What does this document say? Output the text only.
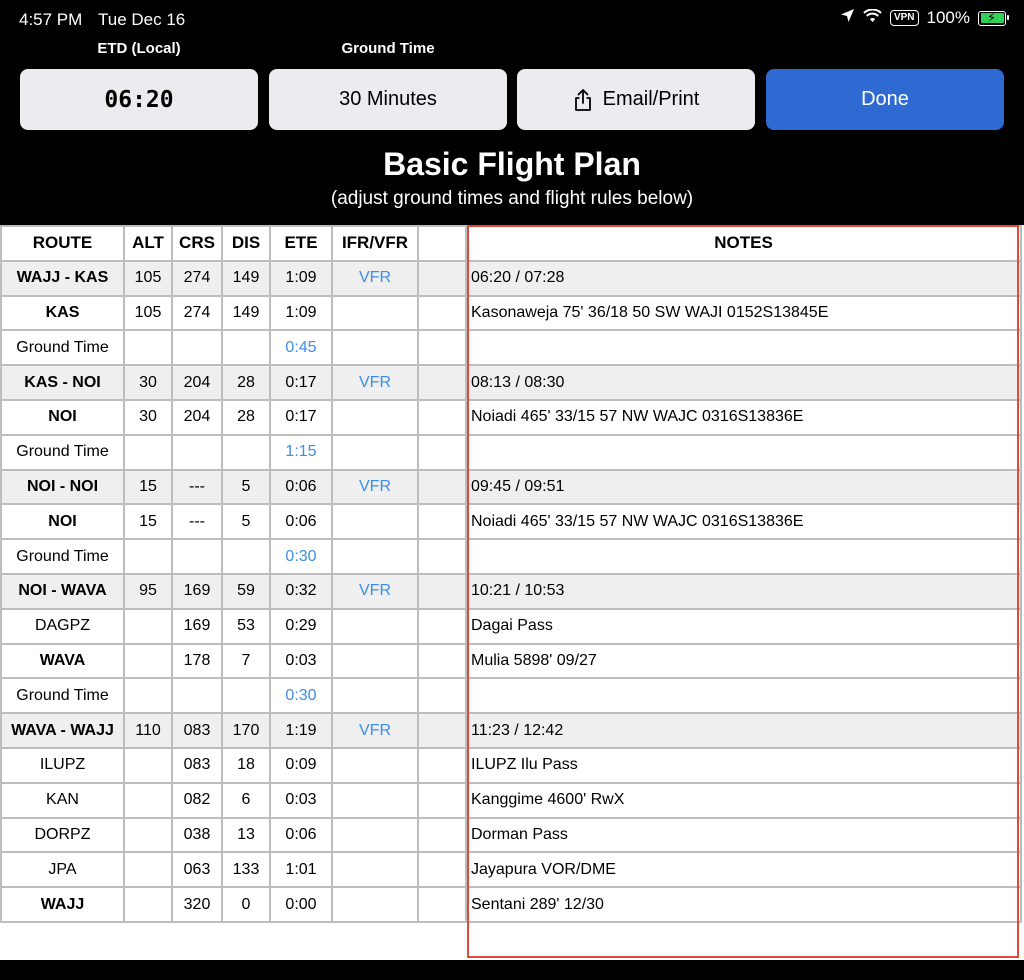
4:57 PM Tue Dec 16	VPN 100% ⚡
ETD (Local)	Ground Time
06:20	30 Minutes	Email/Print	Done
Basic Flight Plan
(adjust ground times and flight rules below)
ROUTE	ALT	CRS	DIS	ETE	IFR/VFR		NOTES
WAJJ - KAS	105	274	149	1:09	VFR		06:20 / 07:28
KAS	105	274	149	1:09			Kasonaweja 75' 36/18 50 SW WAJI 0152S13845E
Ground Time				0:45			
KAS - NOI	30	204	28	0:17	VFR		08:13 / 08:30
NOI	30	204	28	0:17			Noiadi 465' 33/15 57 NW WAJC 0316S13836E
Ground Time				1:15			
NOI - NOI	15	---	5	0:06	VFR		09:45 / 09:51
NOI	15	---	5	0:06			Noiadi 465' 33/15 57 NW WAJC 0316S13836E
Ground Time				0:30			
NOI - WAVA	95	169	59	0:32	VFR		10:21 / 10:53
DAGPZ		169	53	0:29			Dagai Pass
WAVA		178	7	0:03			Mulia 5898' 09/27
Ground Time				0:30			
WAVA - WAJJ	110	083	170	1:19	VFR		11:23 / 12:42
ILUPZ		083	18	0:09			ILUPZ Ilu Pass
KAN		082	6	0:03			Kanggime 4600' RwX
DORPZ		038	13	0:06			Dorman Pass
JPA		063	133	1:01			Jayapura VOR/DME
WAJJ		320	0	0:00			Sentani 289' 12/30
